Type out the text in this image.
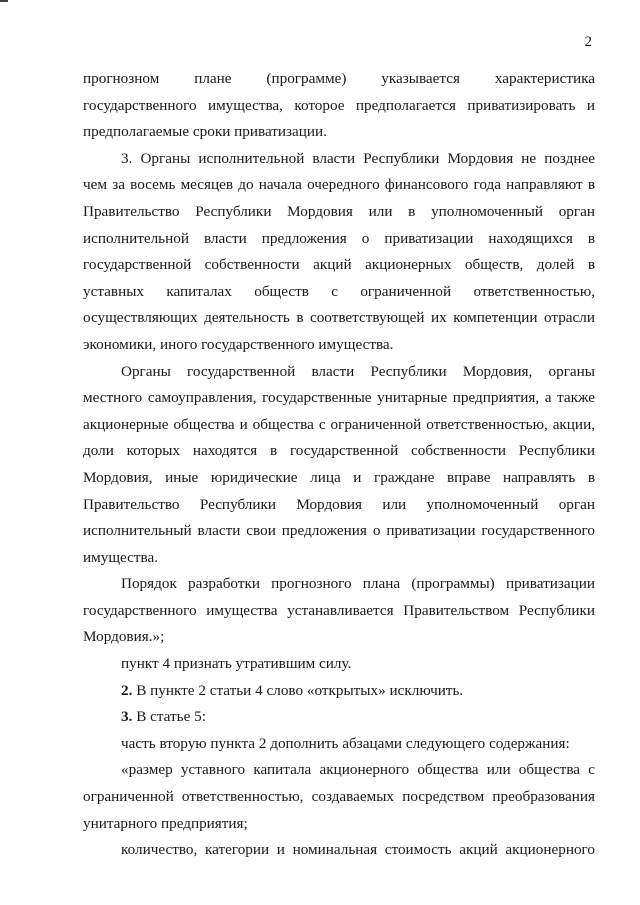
2
прогнозном плане (программе) указывается характеристика
государственного имущества, которое предполагается приватизировать и
предполагаемые сроки приватизации.
3. Органы исполнительной власти Республики Мордовия не позднее
чем за восемь месяцев до начала очередного финансового года направляют в
Правительство Республики Мордовия или в уполномоченный орган
исполнительной власти предложения о приватизации находящихся в
государственной собственности акций акционерных обществ, долей в
уставных капиталах обществ с ограниченной ответственностью,
осуществляющих деятельность в соответствующей их компетенции отрасли
экономики, иного государственного имущества.
Органы государственной власти Республики Мордовия, органы
местного самоуправления, государственные унитарные предприятия, а также
акционерные общества и общества с ограниченной ответственностью, акции,
доли которых находятся в государственной собственности Республики
Мордовия, иные юридические лица и граждане вправе направлять в
Правительство Республики Мордовия или уполномоченный орган
исполнительный власти свои предложения о приватизации государственного
имущества.
Порядок разработки прогнозного плана (программы) приватизации
государственного имущества устанавливается Правительством Республики
Мордовия.»;
пункт 4 признать утратившим силу.
2. В пункте 2 статьи 4 слово «открытых» исключить.
3. В статье 5:
часть вторую пункта 2 дополнить абзацами следующего содержания:
«размер уставного капитала акционерного общества или общества с
ограниченной ответственностью, создаваемых посредством преобразования
унитарного предприятия;
количество, категории и номинальная стоимость акций акционерного
